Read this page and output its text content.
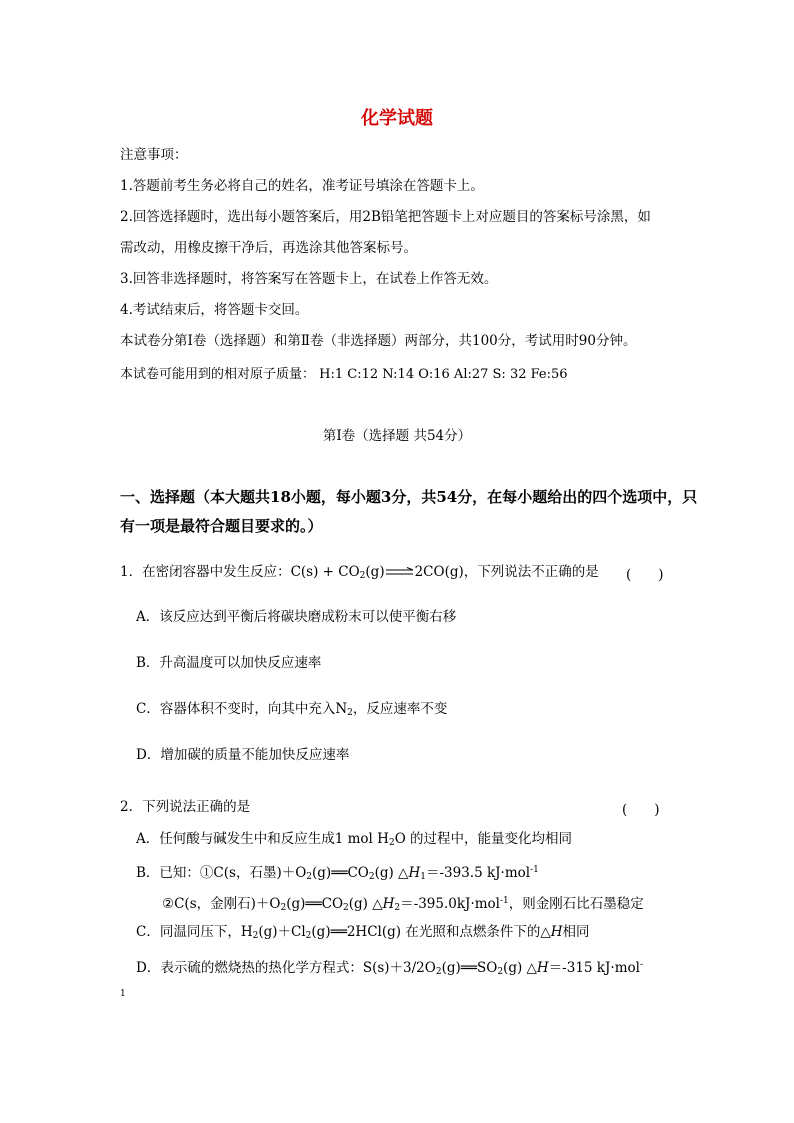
化学试题
注意事项：
1.答题前考生务必将自己的姓名，准考证号填涂在答题卡上。
2.回答选择题时，选出每小题答案后，用2B铅笔把答题卡上对应题目的答案标号涂黑，如
需改动，用橡皮擦干净后，再选涂其他答案标号。
3.回答非选择题时，将答案写在答题卡上，在试卷上作答无效。
4.考试结束后，将答题卡交回。
本试卷分第Ⅰ卷（选择题）和第Ⅱ卷（非选择题）两部分，共100分，考试用时90分钟。
本试卷可能用到的相对原子质量： H:1 C:12 N:14 O:16 Al:27 S: 32 Fe:56
第Ⅰ卷（选择题 共54分）
一、选择题（本大题共18小题，每小题3分，共54分，在每小题给出的四个选项中，只
有一项是最符合题目要求的。）
1．在密闭容器中发生反应：$C(s) + CO_2(g)$ 2CO(g)，下列说法不正确的是 (　　)
A．该反应达到平衡后将碳块磨成粉末可以使平衡右移
B．升高温度可以加快反应速率
C．容器体积不变时，向其中充入$N_2$，反应速率不变
D．增加碳的质量不能加快反应速率
2．下列说法正确的是	(　　)
A．任何酸与碱发生中和反应生成1 mol $H_2O$ 的过程中，能量变化均相同
B．已知：①C(s，石墨)$+O_2(g)══CO_2(g)$ $\triangle H_1=-393.5$ kJ·mol$^{-1}$
②C(s，金刚石)$+O_2(g)══CO_2(g)$ $\triangle H_2=-395.0kJ\cdot mol^{-1}$，则金刚石比石墨稳定
C．同温同压下，$H_2(g)+Cl_2(g)══2HCl(g)$ 在光照和点燃条件下的△H相同
D．表示硫的燃烧热的热化学方程式：$S(s)+3/2O_2(g)══SO_2(g)$ △H＝-315 kJ·mol-
1
